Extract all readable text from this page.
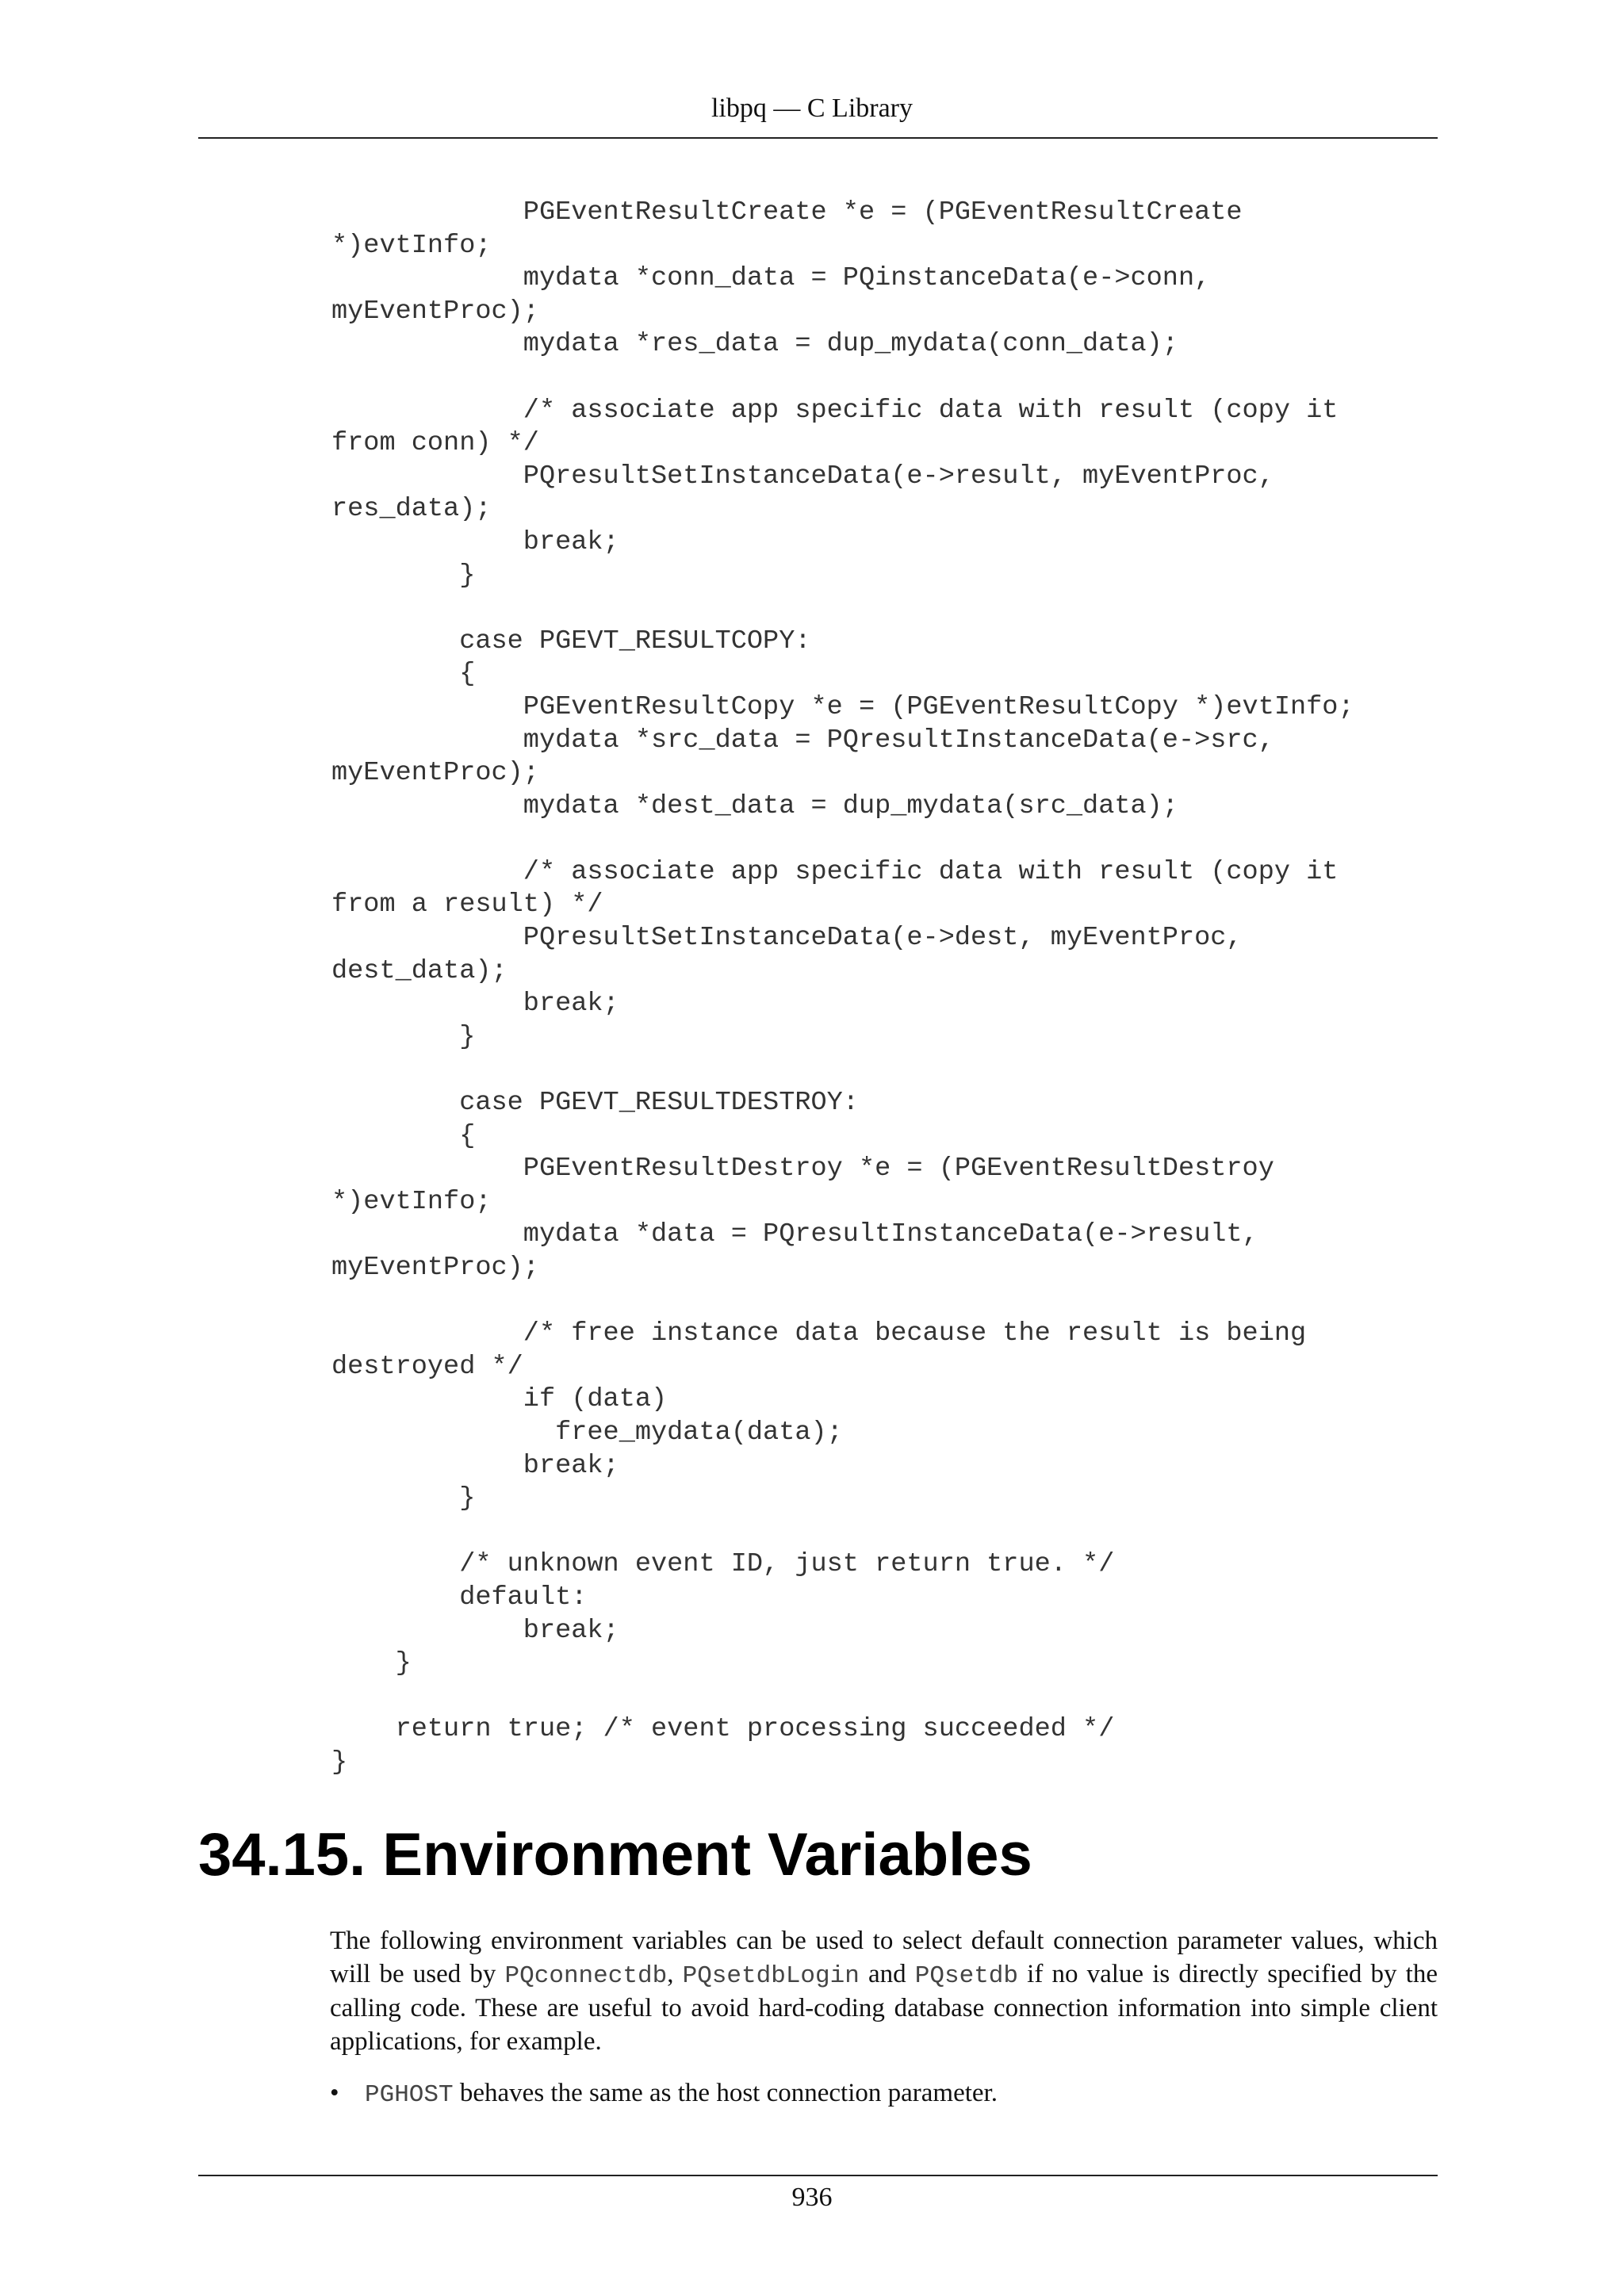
libpq — C Library
PGEventResultCreate *e = (PGEventResultCreate
*)evtInfo;
mydata *conn_data = PQinstanceData(e->conn,
myEventProc);
mydata *res_data = dup_mydata(conn_data);

/* associate app specific data with result (copy it
from conn) */
PQresultSetInstanceData(e->result, myEventProc,
res_data);
break;
}

case PGEVT_RESULTCOPY:
{
PGEventResultCopy *e = (PGEventResultCopy *)evtInfo;
mydata *src_data = PQresultInstanceData(e->src,
myEventProc);
mydata *dest_data = dup_mydata(src_data);

/* associate app specific data with result (copy it
from a result) */
PQresultSetInstanceData(e->dest, myEventProc,
dest_data);
break;
}

case PGEVT_RESULTDESTROY:
{
PGEventResultDestroy *e = (PGEventResultDestroy
*)evtInfo;
mydata *data = PQresultInstanceData(e->result,
myEventProc);

/* free instance data because the result is being
destroyed */
if (data)
free_mydata(data);
break;
}

/* unknown event ID, just return true. */
default:
break;
}

return true; /* event processing succeeded */
}
34.15. Environment Variables

The following environment variables can be used to select default connection parameter values, which will be used by PQconnectdb, PQsetdbLogin and PQsetdb if no value is directly specified by the calling code. These are useful to avoid hard-coding database connection information into simple client applications, for example.

• PGHOST behaves the same as the host connection parameter.
936
